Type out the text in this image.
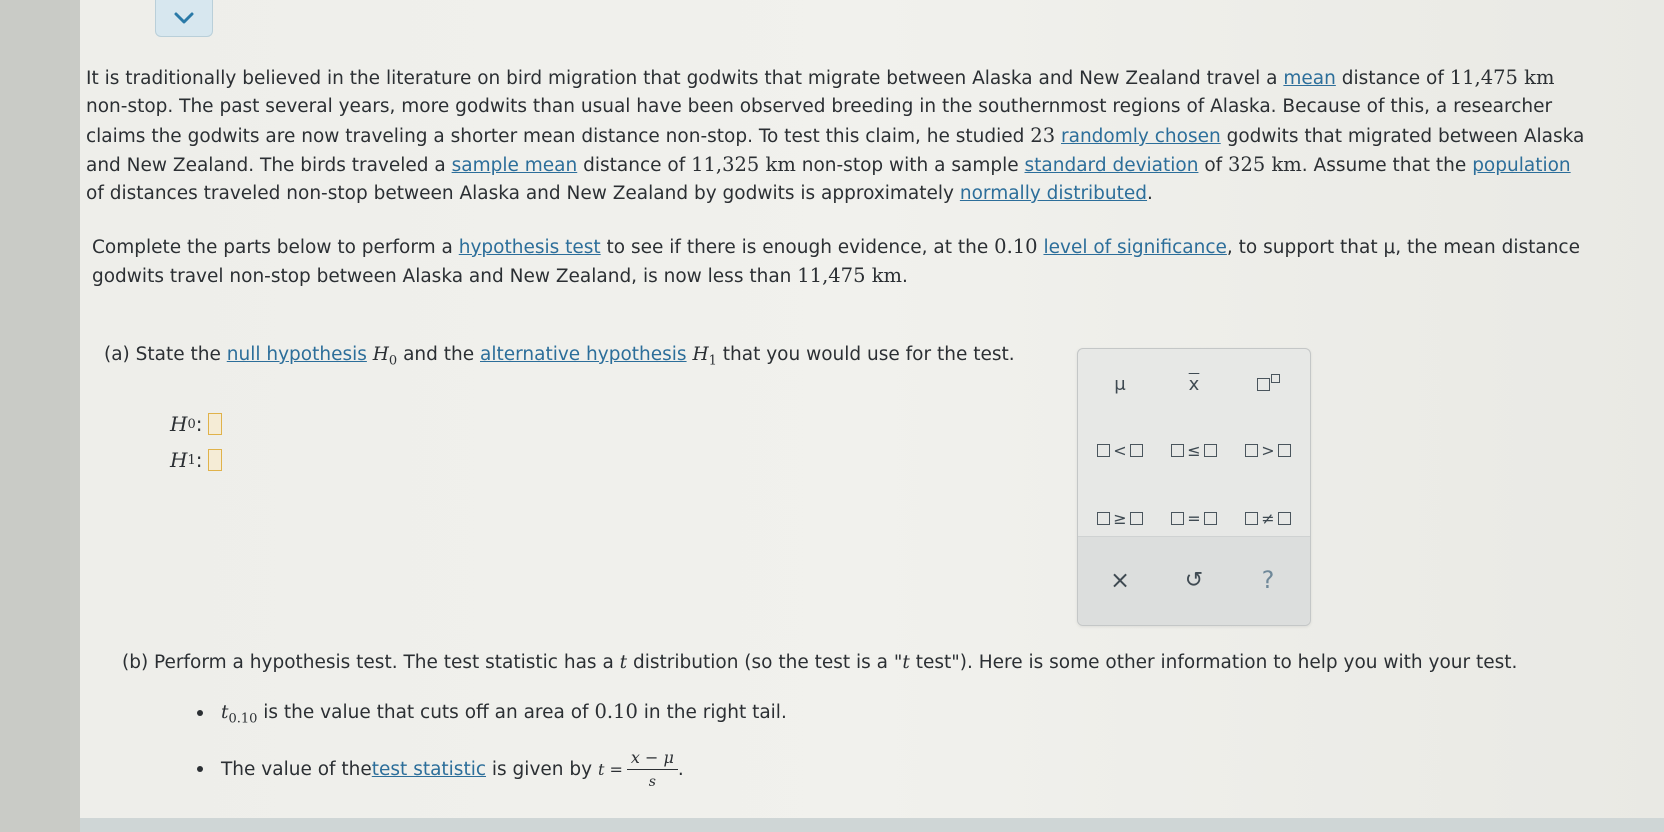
It is traditionally believed in the literature on bird migration that godwits that migrate between Alaska and New Zealand travel a mean distance of 11,475 km
non-stop. The past several years, more godwits than usual have been observed breeding in the southernmost regions of Alaska. Because of this, a researcher
claims the godwits are now traveling a shorter mean distance non-stop. To test this claim, he studied 23 randomly chosen godwits that migrated between Alaska
and New Zealand. The birds traveled a sample mean distance of 11,325 km non-stop with a sample standard deviation of 325 km. Assume that the population
of distances traveled non-stop between Alaska and New Zealand by godwits is approximately normally distributed.
Complete the parts below to perform a hypothesis test to see if there is enough evidence, at the 0.10 level of significance, to support that μ, the mean distance
godwits travel non-stop between Alaska and New Zealand, is now less than 11,475 km.
(a) State the null hypothesis $H_0$ and the alternative hypothesis $H_1$ that you would use for the test.
H 0 :
H 1 :
μ	$\overline{x}$
<	≤	>
≥	=	≠
× ↺ ?
(b) Perform a hypothesis test. The test statistic has a t distribution (so the test is a "t test"). Here is some other information to help you with your test.
$t_{0.10}$ is the value that cuts off an area of 0.10 in the right tail.
The value of the test statistic is given by $t = \frac{x - \mu}{s}$ .
